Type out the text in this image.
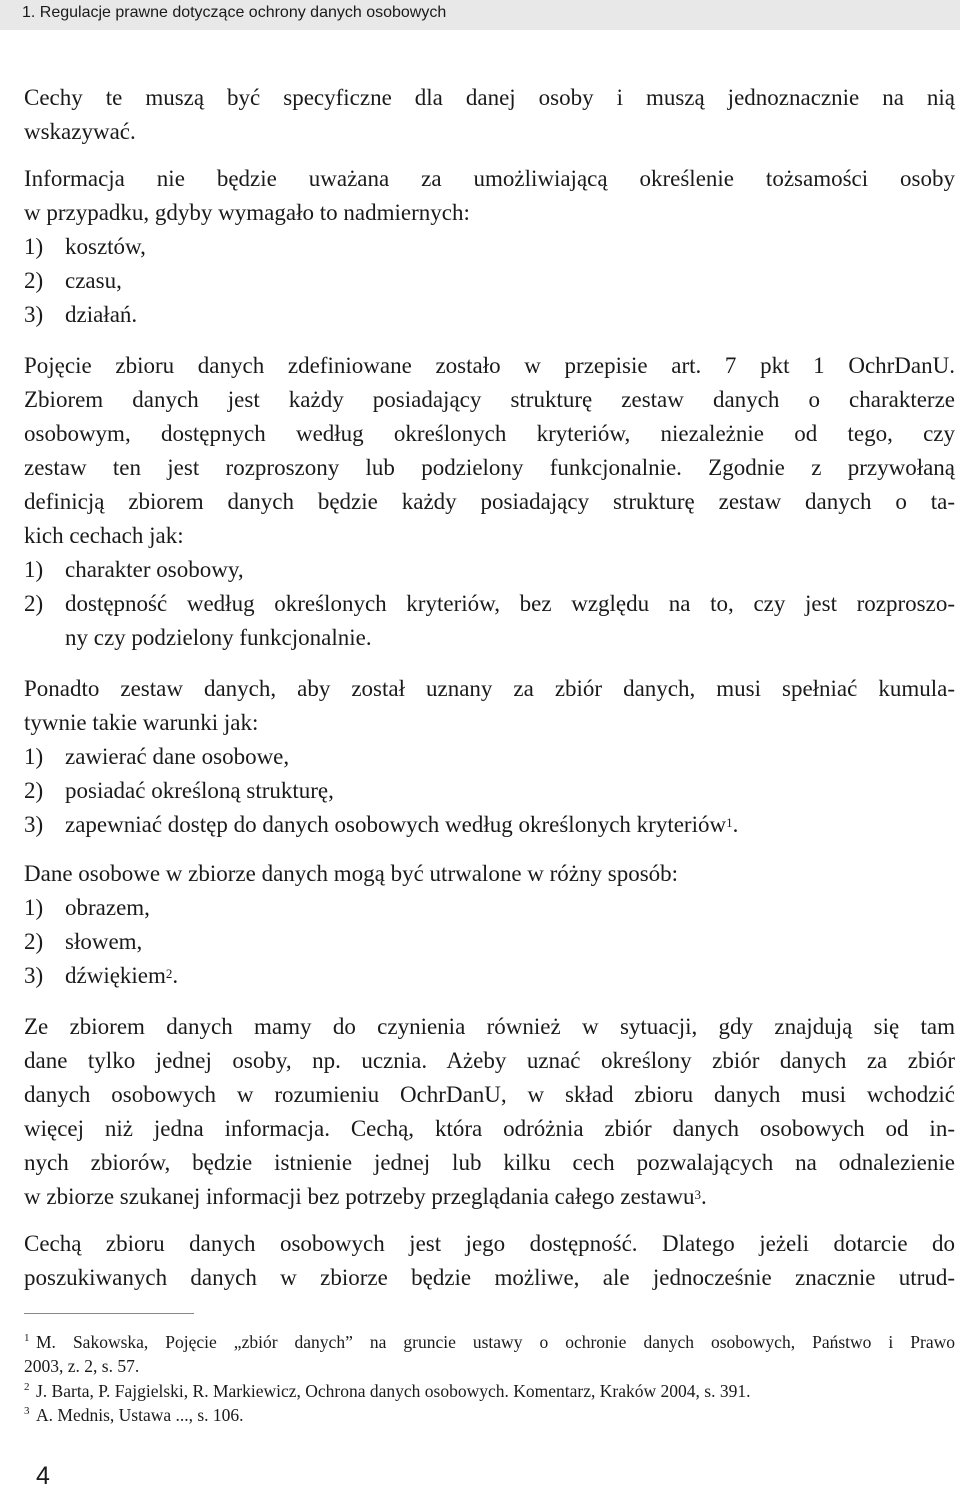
1. Regulacje prawne dotyczące ochrony danych osobowych
Cechy te muszą być specyficzne dla danej osoby i muszą jednoznacznie na nią
wskazywać.
Informacja nie będzie uważana za umożliwiającą określenie tożsamości osoby
w przypadku, gdyby wymagało to nadmiernych:
1) kosztów,
2) czasu,
3) działań.
Pojęcie zbioru danych zdefiniowane zostało w przepisie art. 7 pkt 1 OchrDanU.
Zbiorem danych jest każdy posiadający strukturę zestaw danych o charakterze
osobowym, dostępnych według określonych kryteriów, niezależnie od tego, czy
zestaw ten jest rozproszony lub podzielony funkcjonalnie. Zgodnie z przywołaną
definicją zbiorem danych będzie każdy posiadający strukturę zestaw danych o ta-
kich cechach jak:
1) charakter osobowy,
2) dostępność według określonych kryteriów, bez względu na to, czy jest rozproszo-
ny czy podzielony funkcjonalnie.
Ponadto zestaw danych, aby został uznany za zbiór danych, musi spełniać kumula-
tywnie takie warunki jak:
1) zawierać dane osobowe,
2) posiadać określoną strukturę,
3) zapewniać dostęp do danych osobowych według określonych kryteriów$^1$.
Dane osobowe w zbiorze danych mogą być utrwalone w różny sposób:
1) obrazem,
2) słowem,
3) dźwiękiem$^2$.
Ze zbiorem danych mamy do czynienia również w sytuacji, gdy znajdują się tam
dane tylko jednej osoby, np. ucznia. Ażeby uznać określony zbiór danych za zbiór
danych osobowych w rozumieniu OchrDanU, w skład zbioru danych musi wchodzić
więcej niż jedna informacja. Cechą, która odróżnia zbiór danych osobowych od in-
nych zbiorów, będzie istnienie jednej lub kilku cech pozwalających na odnalezienie
w zbiorze szukanej informacji bez potrzeby przeglądania całego zestawu$^3$.
Cechą zbioru danych osobowych jest jego dostępność. Dlatego jeżeli dotarcie do
poszukiwanych danych w zbiorze będzie możliwe, ale jednocześnie znacznie utrud-
1 M. Sakowska, Pojęcie „zbiór danych” na gruncie ustawy o ochronie danych osobowych, Państwo i Prawo
2003, z. 2, s. 57.
2 J. Barta, P. Fajgielski, R. Markiewicz, Ochrona danych osobowych. Komentarz, Kraków 2004, s. 391.
3 A. Mednis, Ustawa ..., s. 106.
4
